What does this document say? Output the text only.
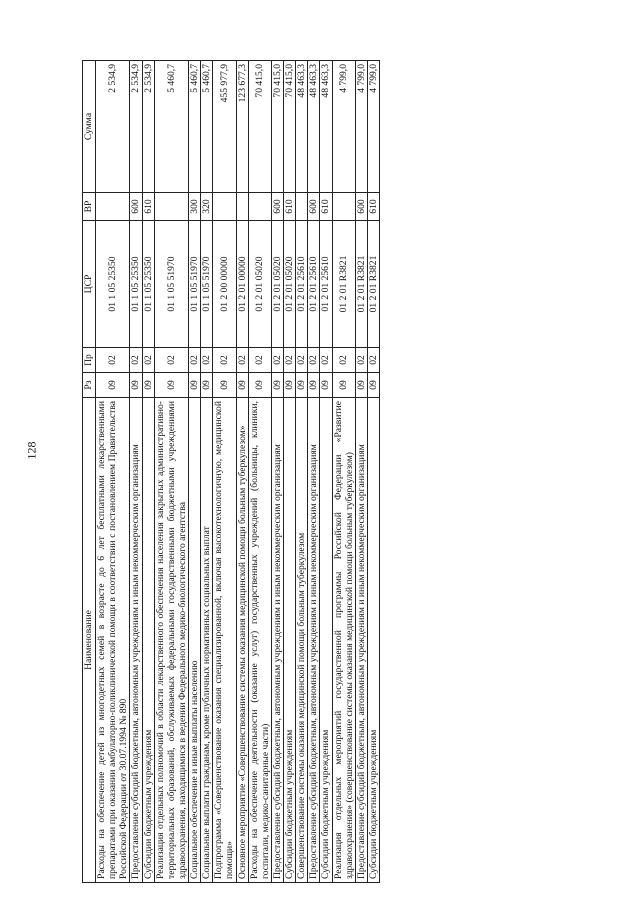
128
Наименование	Рз	Пр	ЦСР	ВР	Сумма
Расходы на обеспечение детей из многодетных семей в возрасте до 6 лет бесплатными лекарственными препаратами при оказании амбулаторно-поликлинической помощи в соответствии с постановлением Правительства Российской Федерации от 30.07.1994 № 890	09	02	01 1 05 25350		2 534,9
Предоставление субсидий бюджетным, автономным учреждениям и иным некоммерческим организациям	09	02	01 1 05 25350	600	2 534,9
Субсидии бюджетным учреждениям	09	02	01 1 05 25350	610	2 534,9
Реализация отдельных полномочий в области лекарственного обеспечения населения закрытых административно-территориальных образований, обслуживаемых федеральными государственными бюджетными учреждениями здравоохранения, находящимися в ведении Федерального медико-биологического агентства	09	02	01 1 05 51970		5 460,7
Социальное обеспечение и иные выплаты населению	09	02	01 1 05 51970	300	5 460,7
Социальные выплаты гражданам, кроме публичных нормативных социальных выплат	09	02	01 1 05 51970	320	5 460,7
Подпрограмма «Совершенствование оказания специализированной, включая высокотехнологичную, медицинской помощи»	09	02	01 2 00 00000		455 977,9
Основное мероприятие «Совершенствование системы оказания медицинской помощи больным туберкулезом»	09	02	01 2 01 00000		123 677,3
Расходы на обеспечение деятельности (оказание услуг) государственных учреждений (больницы, клиники, госпитали, медико-санитарные части)	09	02	01 2 01 05020		70 415,0
Предоставление субсидий бюджетным, автономным учреждениям и иным некоммерческим организациям	09	02	01 2 01 05020	600	70 415,0
Субсидии бюджетным учреждениям	09	02	01 2 01 05020	610	70 415,0
Совершенствование системы оказания медицинской помощи больным туберкулезом	09	02	01 2 01 25610		48 463,3
Предоставление субсидий бюджетным, автономным учреждениям и иным некоммерческим организациям	09	02	01 2 01 25610	600	48 463,3
Субсидии бюджетным учреждениям	09	02	01 2 01 25610	610	48 463,3
Реализация отдельных мероприятий государственной программы Российской Федерации «Развитие здравоохранения» (совершенствование системы оказания медицинской помощи больным туберкулезом)	09	02	01 2 01 R3821		4 799,0
Предоставление субсидий бюджетным, автономным учреждениям и иным некоммерческим организациям	09	02	01 2 01 R3821	600	4 799,0
Субсидии бюджетным учреждениям	09	02	01 2 01 R3821	610	4 799,0
